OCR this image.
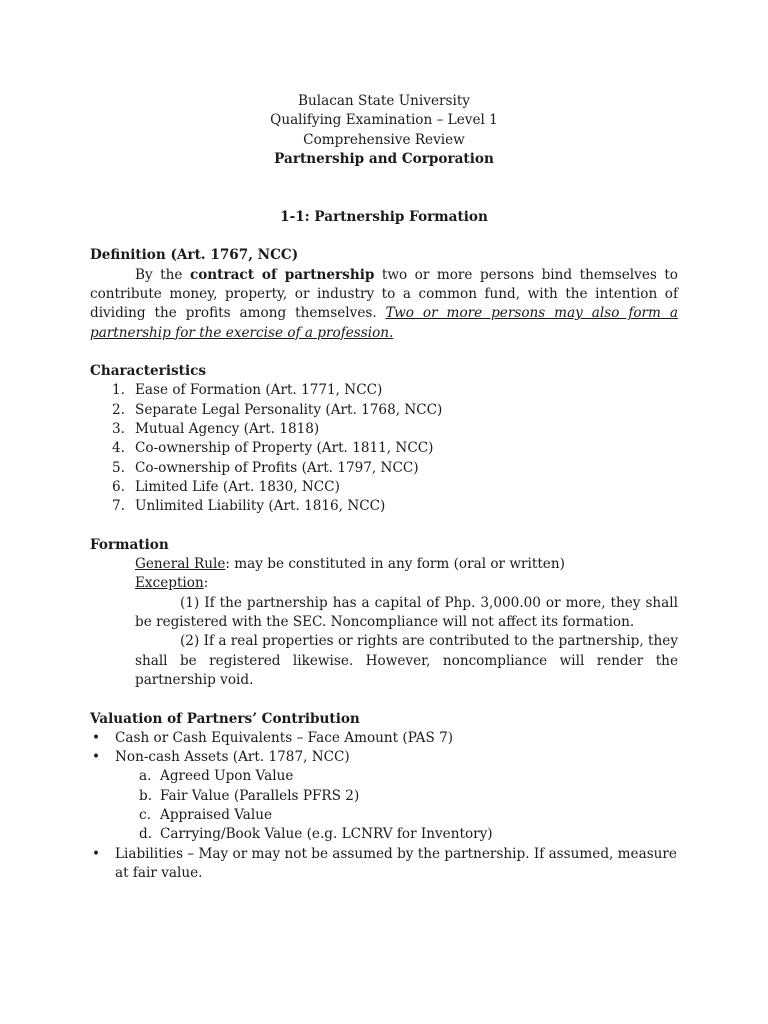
Bulacan State University

Qualifying Examination – Level 1

Comprehensive Review

Partnership and Corporation

1-1: Partnership Formation

Definition (Art. 1767, NCC)

By the contract of partnership two or more persons bind themselves to contribute money, property, or industry to a common fund, with the intention of dividing the profits among themselves. Two or more persons may also form a partnership for the exercise of a profession.

Characteristics

1. Ease of Formation (Art. 1771, NCC)
2. Separate Legal Personality (Art. 1768, NCC)
3. Mutual Agency (Art. 1818)
4. Co-ownership of Property (Art. 1811, NCC)
5. Co-ownership of Profits (Art. 1797, NCC)
6. Limited Life (Art. 1830, NCC)
7. Unlimited Liability (Art. 1816, NCC)

Formation

General Rule: may be constituted in any form (oral or written)

Exception:

(1) If the partnership has a capital of Php. 3,000.00 or more, they shall be registered with the SEC. Noncompliance will not affect its formation.

(2) If a real properties or rights are contributed to the partnership, they shall be registered likewise. However, noncompliance will render the partnership void.

Valuation of Partners’ Contribution

• Cash or Cash Equivalents – Face Amount (PAS 7)
• Non-cash Assets (Art. 1787, NCC)
a. Agreed Upon Value
b. Fair Value (Parallels PFRS 2)
c. Appraised Value
d. Carrying/Book Value (e.g. LCNRV for Inventory)
• Liabilities – May or may not be assumed by the partnership. If assumed, measure at fair value.
